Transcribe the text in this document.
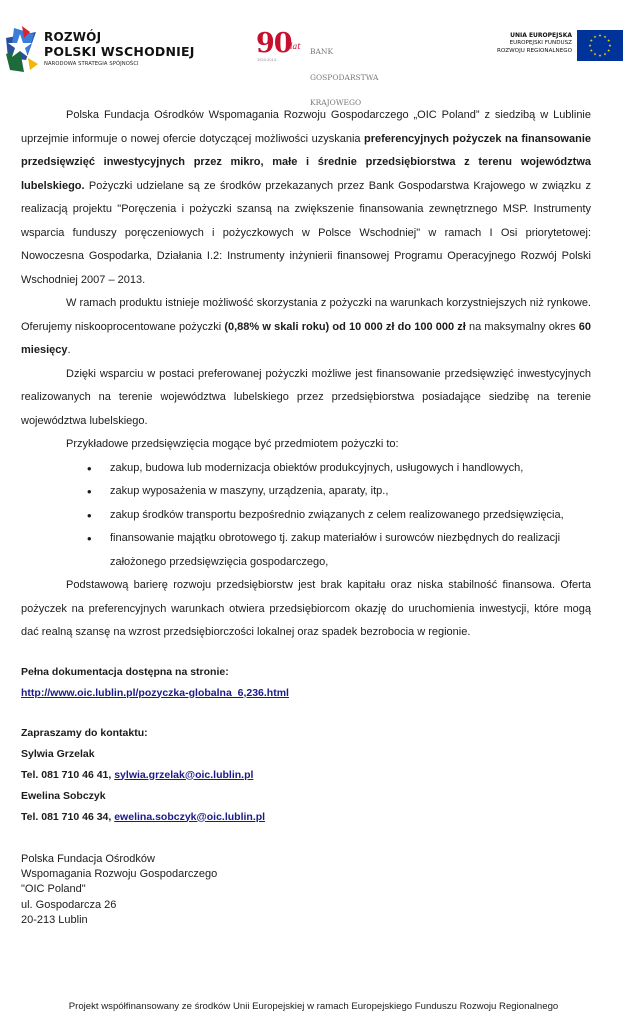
ROZWÓJ
POLSKI WSCHODNIEJ
NARODOWA STRATEGIA SPÓJNOŚCI
90
lat
1924-2014

BANK

GOSPODARSTWA

KRAJOWEGO

UNIA EUROPEJSKA
EUROPEJSKI FUNDUSZ
ROZWOJU REGIONALNEGO

Polska Fundacja Ośrodków Wspomagania Rozwoju Gospodarczego „OIC Poland” z siedzibą w Lublinie uprzejmie informuje o nowej ofercie dotyczącej możliwości uzyskania preferencyjnych pożyczek na finansowanie przedsięwzięć inwestycyjnych przez mikro, małe i średnie przedsiębiorstwa z terenu województwa lubelskiego. Pożyczki udzielane są ze środków przekazanych przez Bank Gospodarstwa Krajowego w związku z realizacją projektu "Poręczenia i pożyczki szansą na zwiększenie finansowania zewnętrznego MSP. Instrumenty wsparcia funduszy poręczeniowych i pożyczkowych w Polsce Wschodniej" w ramach I Osi priorytetowej: Nowoczesna Gospodarka, Działania I.2: Instrumenty inżynierii finansowej Programu Operacyjnego Rozwój Polski Wschodniej 2007 – 2013.

W ramach produktu istnieje możliwość skorzystania z pożyczki na warunkach korzystniejszych niż rynkowe. Oferujemy niskooprocentowane pożyczki (0,88% w skali roku) od 10 000 zł do 100 000 zł na maksymalny okres 60 miesięcy.

Dzięki wsparciu w postaci preferowanej pożyczki możliwe jest finansowanie przedsięwzięć inwestycyjnych realizowanych na terenie województwa lubelskiego przez przedsiębiorstwa posiadające siedzibę na terenie województwa lubelskiego.

Przykładowe przedsięwzięcia mogące być przedmiotem pożyczki to:

• zakup, budowa lub modernizacja obiektów produkcyjnych, usługowych i handlowych,
• zakup wyposażenia w maszyny, urządzenia, aparaty, itp.,
• zakup środków transportu bezpośrednio związanych z celem realizowanego przedsięwzięcia,
• finansowanie majątku obrotowego tj. zakup materiałów i surowców niezbędnych do realizacji założonego przedsięwzięcia gospodarczego,

Podstawową barierę rozwoju przedsiębiorstw jest brak kapitału oraz niska stabilność finansowa. Oferta pożyczek na preferencyjnych warunkach otwiera przedsiębiorcom okazję do uruchomienia inwestycji, które mogą dać realną szansę na wzrost przedsiębiorczości lokalnej oraz spadek bezrobocia w regionie.

Pełna dokumentacja dostępna na stronie:
http://www.oic.lublin.pl/pozyczka-globalna_6,236.html
Zapraszamy do kontaktu:
Sylwia Grzelak
Tel. 081 710 46 41, sylwia.grzelak@oic.lublin.pl
Ewelina Sobczyk
Tel. 081 710 46 34, ewelina.sobczyk@oic.lublin.pl
Polska Fundacja Ośrodków
Wspomagania Rozwoju Gospodarczego
"OIC Poland"
ul. Gospodarcza 26
20-213 Lublin
Projekt współfinansowany ze środków Unii Europejskiej w ramach Europejskiego Funduszu Rozwoju Regionalnego
